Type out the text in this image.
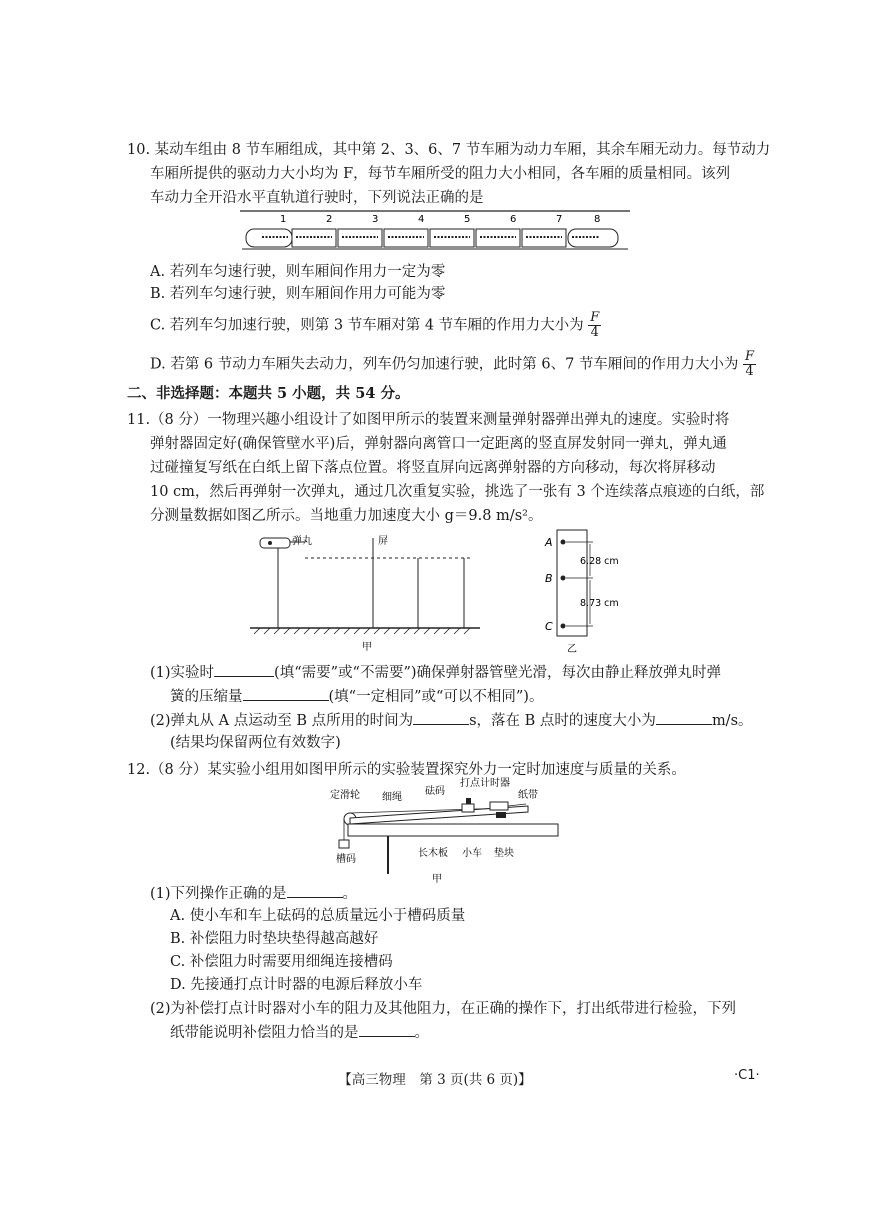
10. 某动车组由 8 节车厢组成，其中第 2、3、6、7 节车厢为动力车厢，其余车厢无动力。每节动力
车厢所提供的驱动力大小均为 F，每节车厢所受的阻力大小相同，各车厢的质量相同。该列
车动力全开沿水平直轨道行驶时，下列说法正确的是
1	2	3	4	5	6	7	8
A. 若列车匀速行驶，则车厢间作用力一定为零
B. 若列车匀速行驶，则车厢间作用力可能为零
C. 若列车匀加速行驶，则第 3 节车厢对第 4 节车厢的作用力大小为 $\frac{F}{4}$
D. 若第 6 节动力车厢失去动力，列车仍匀加速行驶，此时第 6、7 节车厢间的作用力大小为 $\frac{F}{4}$
二、非选择题：本题共 5 小题，共 54 分。
11.（8 分）一物理兴趣小组设计了如图甲所示的装置来测量弹射器弹出弹丸的速度。实验时将
弹射器固定好(确保管壁水平)后，弹射器向离管口一定距离的竖直屏发射同一弹丸，弹丸通
过碰撞复写纸在白纸上留下落点位置。将竖直屏向远离弹射器的方向移动，每次将屏移动
10 cm，然后再弹射一次弹丸，通过几次重复实验，挑选了一张有 3 个连续落点痕迹的白纸，部
分测量数据如图乙所示。当地重力加速度大小 g＝9.8 m/s²。
弹丸	屏
甲
A
B
C
6.28 cm
8.73 cm
乙
(1)实验时	(填“需要”或“不需要”)确保弹射器管壁光滑，每次由静止释放弹丸时弹
簧的压缩量	(填“一定相同”或“可以不相同”)。
(2)弹丸从 A 点运动至 B 点所用的时间为	s，落在 B 点时的速度大小为	m/s。
(结果均保留两位有效数字)
12.（8 分）某实验小组用如图甲所示的实验装置探究外力一定时加速度与质量的关系。
定滑轮 细绳
砝码
打点计时器
纸带
长木板 小车 垫块
槽码
甲
(1)下列操作正确的是	。
A. 使小车和车上砝码的总质量远小于槽码质量
B. 补偿阻力时垫块垫得越高越好
C. 补偿阻力时需要用细绳连接槽码
D. 先接通打点计时器的电源后释放小车
(2)为补偿打点计时器对小车的阻力及其他阻力，在正确的操作下，打出纸带进行检验，下列
纸带能说明补偿阻力恰当的是	。
【高三物理　第 3 页(共 6 页)】	·C1·
